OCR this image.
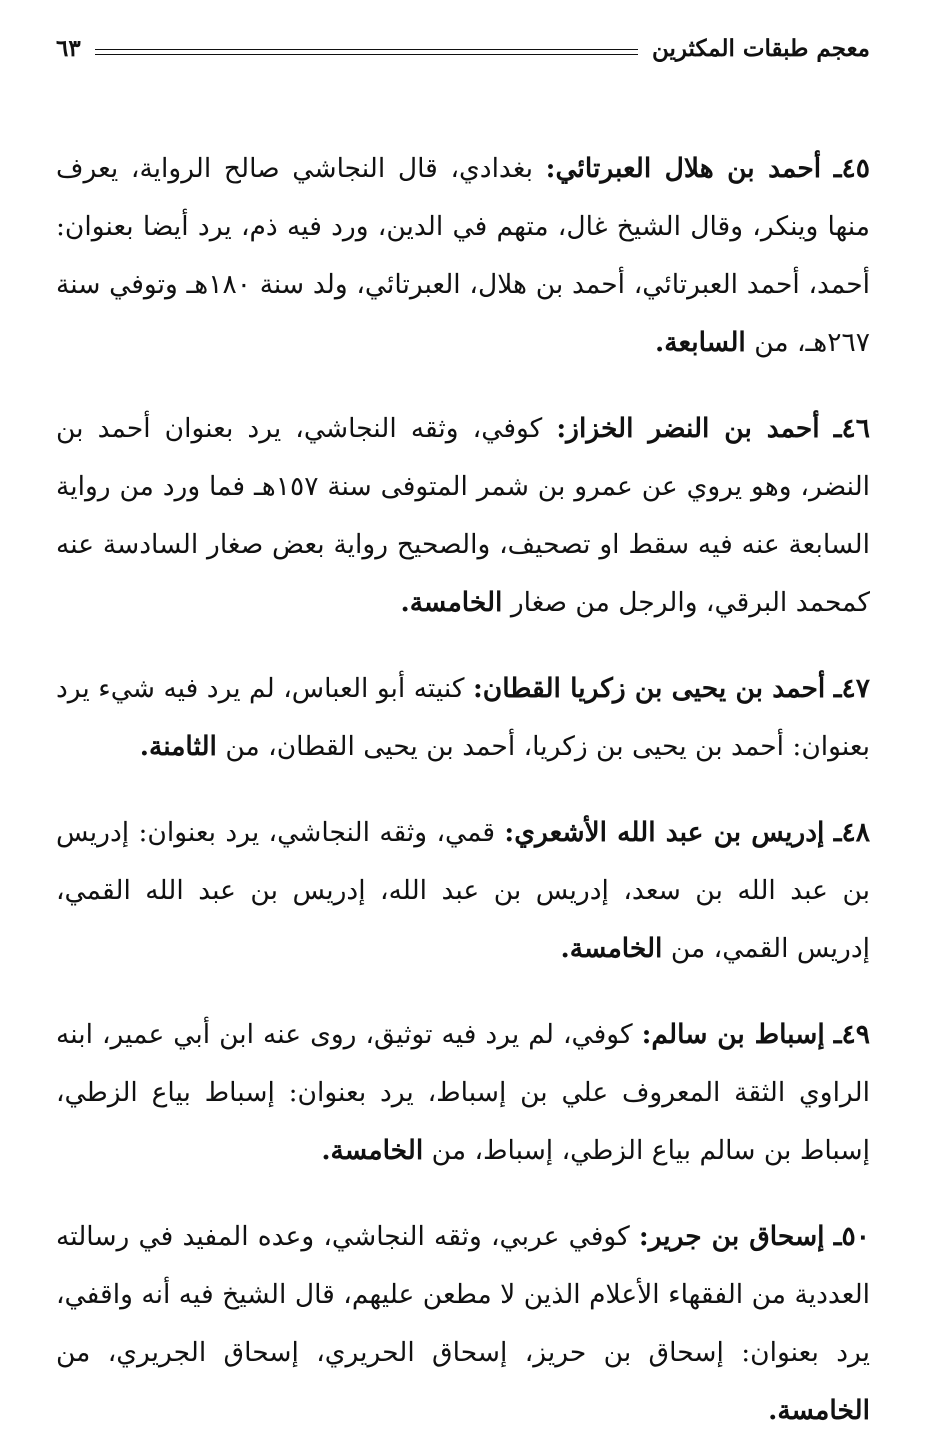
معجم طبقات المكثرين
٦٣

٤٥ـ أحمد بن هلال العبرتائي: بغدادي، قال النجاشي صالح الرواية، يعرف منها وينكر، وقال الشيخ غال، متهم في الدين، ورد فيه ذم، يرد أيضا بعنوان: أحمد، أحمد العبرتائي، أحمد بن هلال، العبرتائي، ولد سنة ١٨٠هـ وتوفي سنة ٢٦٧هـ، من السابعة.

٤٦ـ أحمد بن النضر الخزاز: كوفي، وثقه النجاشي، يرد بعنوان أحمد بن النضر، وهو يروي عن عمرو بن شمر المتوفى سنة ١٥٧هـ فما ورد من رواية السابعة عنه فيه سقط او تصحيف، والصحيح رواية بعض صغار السادسة عنه كمحمد البرقي، والرجل من صغار الخامسة.

٤٧ـ أحمد بن يحيى بن زكريا القطان: كنيته أبو العباس، لم يرد فيه شيء يرد بعنوان: أحمد بن يحيى بن زكريا، أحمد بن يحيى القطان، من الثامنة.

٤٨ـ إدريس بن عبد الله الأشعري: قمي، وثقه النجاشي، يرد بعنوان: إدريس بن عبد الله بن سعد، إدريس بن عبد الله، إدريس بن عبد الله القمي، إدريس القمي، من الخامسة.

٤٩ـ إسباط بن سالم: كوفي، لم يرد فيه توثيق، روى عنه ابن أبي عمير، ابنه الراوي الثقة المعروف علي بن إسباط، يرد بعنوان: إسباط بياع الزطي، إسباط بن سالم بياع الزطي، إسباط، من الخامسة.

٥٠ـ إسحاق بن جرير: كوفي عربي، وثقه النجاشي، وعده المفيد في رسالته العددية من الفقهاء الأعلام الذين لا مطعن عليهم، قال الشيخ فيه أنه واقفي، يرد بعنوان: إسحاق بن حريز، إسحاق الحريري، إسحاق الجريري، من الخامسة.
